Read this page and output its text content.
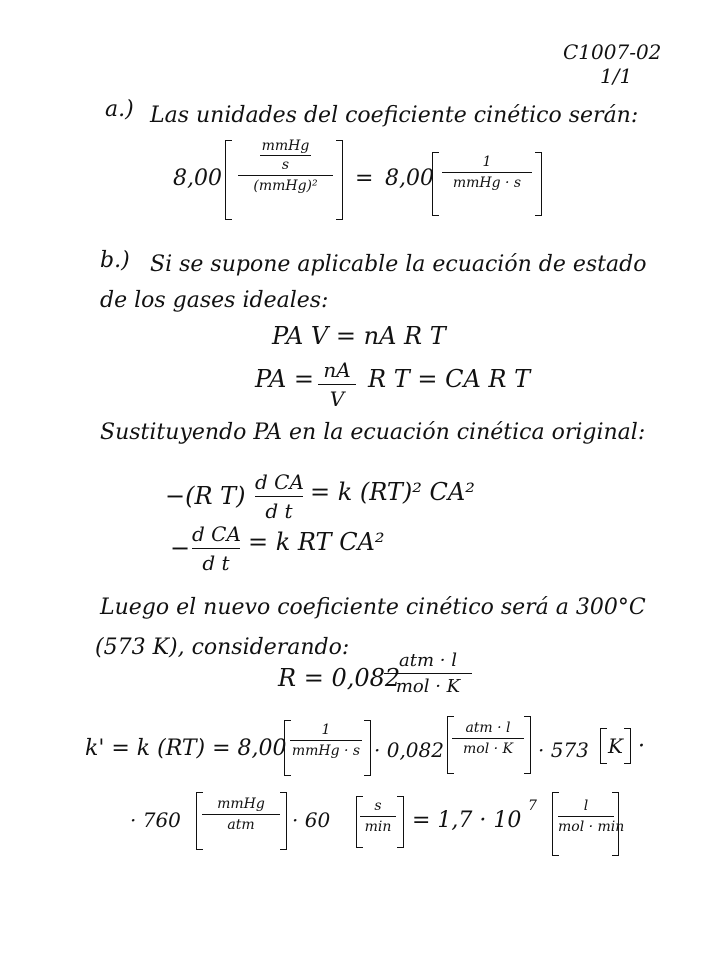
C1007-02
1/1
a.) Las unidades del coeficiente cinético serán:
8,00
mmHg
s
(mmHg)²	= 8,00
1
mmHg · s
b.) Si se supone aplicable la ecuación de estado
de los gases ideales:
PA V = nA R T
PA = nA
V
R T = CA R T
Sustituyendo PA en la ecuación cinética original:
−(R T) d CA
d t
= k (RT)² CA²
− d CA
d t
= k RT CA²
Luego el nuevo coeficiente cinético será a 300°C
(573 K), considerando:
R = 0,082
atm · l
mol · K
k' = k (RT) = 8,00
1
mmHg · s · 0,082
atm · l
mol · K	· 573 K ·
· 760
mmHg
atm	· 60
s
min = 1,7 · 10
7	l
mol · min
